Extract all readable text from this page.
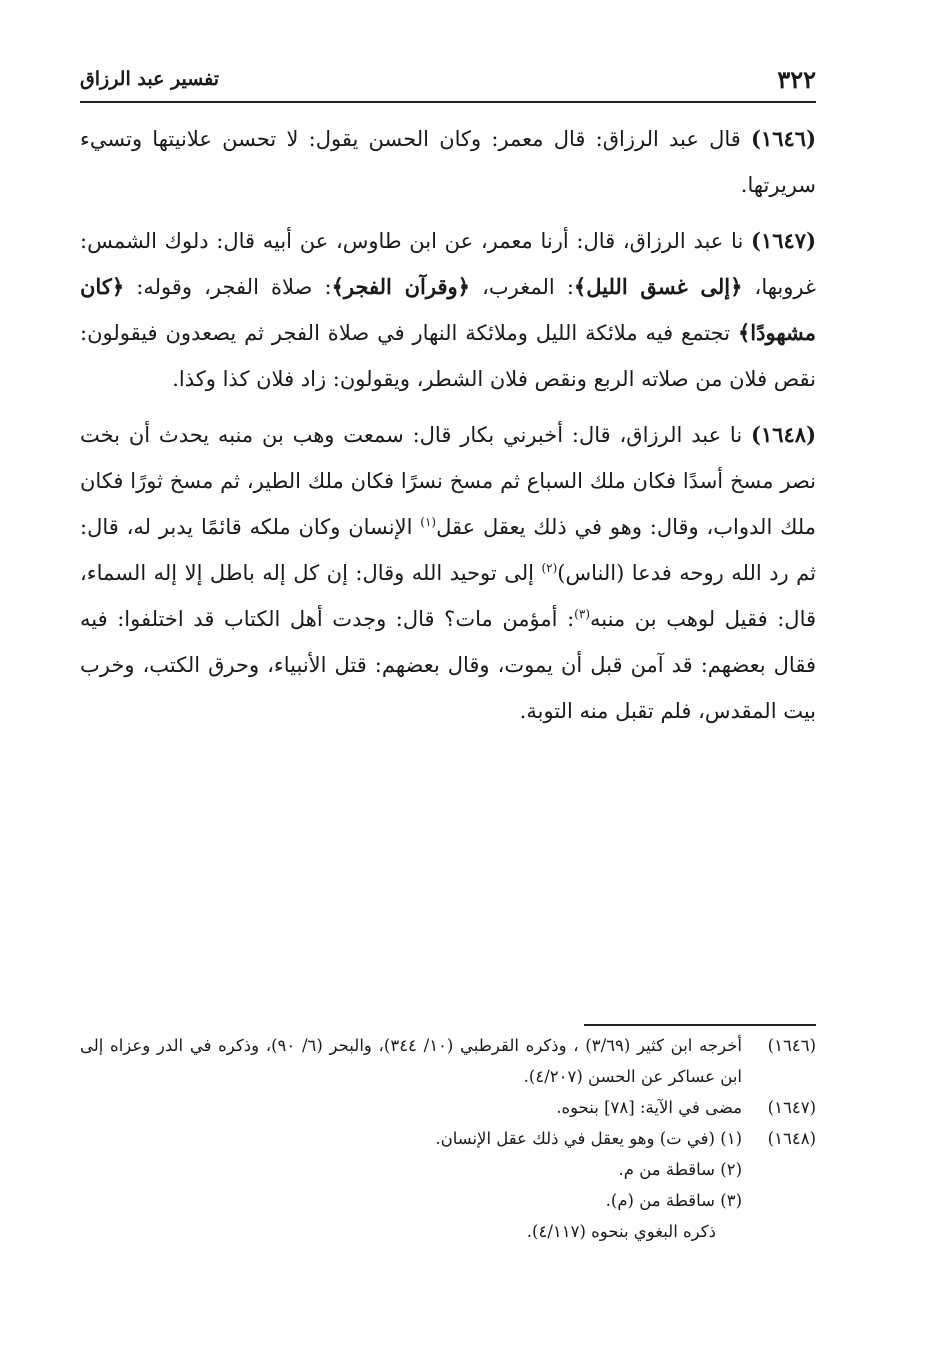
تفسير عبد الرزاق	٣٢٢

(١٦٤٦) قال عبد الرزاق: قال معمر: وكان الحسن يقول: لا تحسن علانيتها وتسيء سريرتها.

(١٦٤٧) نا عبد الرزاق، قال: أرنا معمر، عن ابن طاوس، عن أبيه قال: دلوك الشمس: غروبها، ﴿إلى غسق الليل﴾: المغرب، ﴿وقرآن الفجر﴾: صلاة الفجر، وقوله: ﴿كان مشهودًا﴾ تجتمع فيه ملائكة الليل وملائكة النهار في صلاة الفجر ثم يصعدون فيقولون: نقص فلان من صلاته الربع ونقص فلان الشطر، ويقولون: زاد فلان كذا وكذا.

(١٦٤٨) نا عبد الرزاق، قال: أخبرني بكار قال: سمعت وهب بن منبه يحدث أن بخت نصر مسخ أسدًا فكان ملك السباع ثم مسخ نسرًا فكان ملك الطير، ثم مسخ ثورًا فكان ملك الدواب، وقال: وهو في ذلك يعقل عقل$^{(١)}$ الإنسان وكان ملكه قائمًا يدبر له، قال: ثم رد الله روحه فدعا (الناس)$^{(٢)}$ إلى توحيد الله وقال: إن كل إله باطل إلا إله السماء، قال: فقيل لوهب بن منبه$^{(٣)}$: أمؤمن مات؟ قال: وجدت أهل الكتاب قد اختلفوا: فيه فقال بعضهم: قد آمن قبل أن يموت، وقال بعضهم: قتل الأنبياء، وحرق الكتب، وخرب بيت المقدس، فلم تقبل منه التوبة.

(١٦٤٦)
أخرجه ابن كثير (٣/٦٩) ، وذكره القرطبي (١٠/ ٣٤٤)، والبحر (٦/ ٩٠)، وذكره في الدر وعزاه إلى ابن عساكر عن الحسن (٤/٢٠٧).
(١٦٤٧)
مضى في الآية: [٧٨] بنحوه.
(١٦٤٨)
(١) (في ت) وهو يعقل في ذلك عقل الإنسان.
(٢) ساقطة من م.
(٣) ساقطة من (م).
ذكره البغوي بنحوه (٤/١١٧).
